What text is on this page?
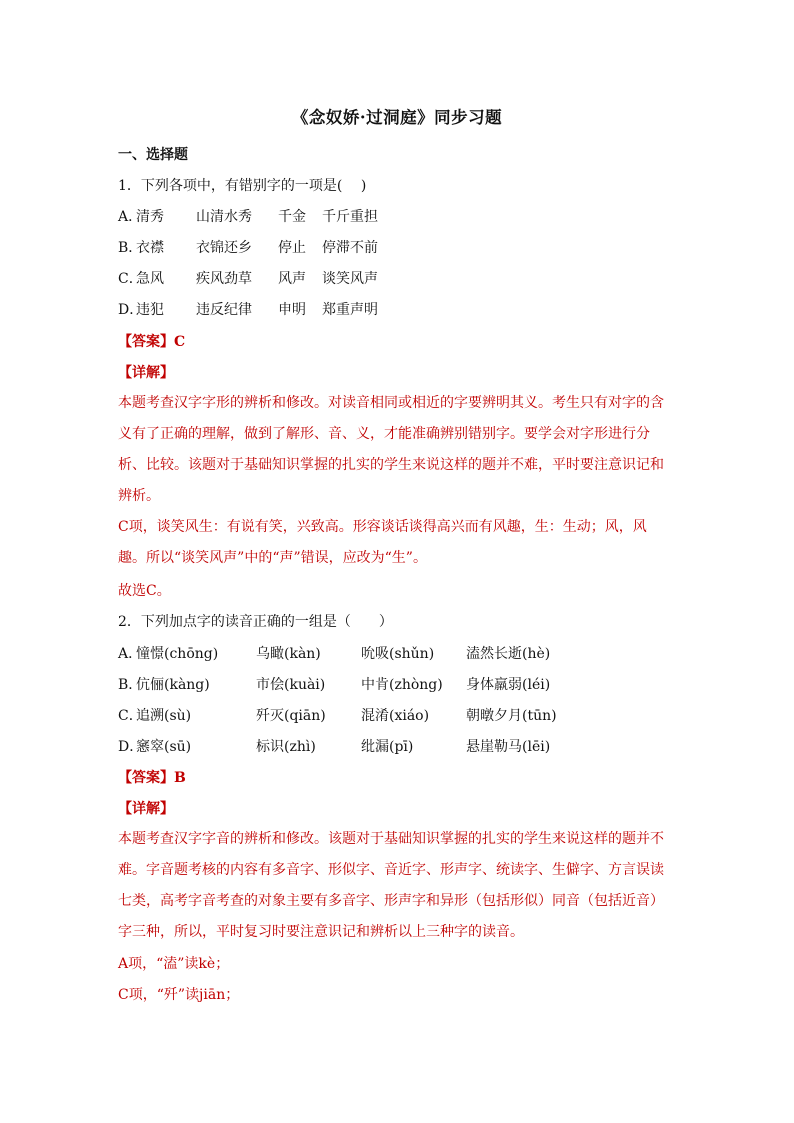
《念奴娇·过洞庭》同步习题
一、选择题
1．下列各项中，有错别字的一项是(　 )
A．清秀 山清水秀 千金 千斤重担
B．衣襟 衣锦还乡 停止 停滞不前
C．急风 疾风劲草 风声 谈笑风声
D．违犯 违反纪律 申明 郑重声明
【答案】C
【详解】
本题考查汉字字形的辨析和修改。对读音相同或相近的字要辨明其义。考生只有对字的含
义有了正确的理解，做到了解形、音、义，才能准确辨别错别字。要学会对字形进行分
析、比较。该题对于基础知识掌握的扎实的学生来说这样的题并不难，平时要注意识记和
辨析。
C项，谈笑风生：有说有笑，兴致高。形容谈话谈得高兴而有风趣，生：生动；风，风
趣。所以“谈笑风声”中的“声”错误，应改为“生”。
故选C。
2．下列加点字的读音正确的一组是（　　）
A．憧憬(chōng)	乌瞰(kàn)	吮吸(shǔn) 溘然长逝(hè)
B．伉俪(kàng)	市侩(kuài)	中肯(zhòng) 身体羸弱(léi)
C．追溯(sù)	歼灭(qiān)	混淆(xiáo)	朝暾夕月(tūn)
D．窸窣(sū)	标识(zhì)	纰漏(pī)	悬崖勒马(lēi)
【答案】B
【详解】
本题考查汉字字音的辨析和修改。该题对于基础知识掌握的扎实的学生来说这样的题并不
难。字音题考核的内容有多音字、形似字、音近字、形声字、统读字、生僻字、方言误读
七类，高考字音考查的对象主要有多音字、形声字和异形（包括形似）同音（包括近音）
字三种，所以，平时复习时要注意识记和辨析以上三种字的读音。
A项，“溘”读kè；
C项，“歼”读jiān；
